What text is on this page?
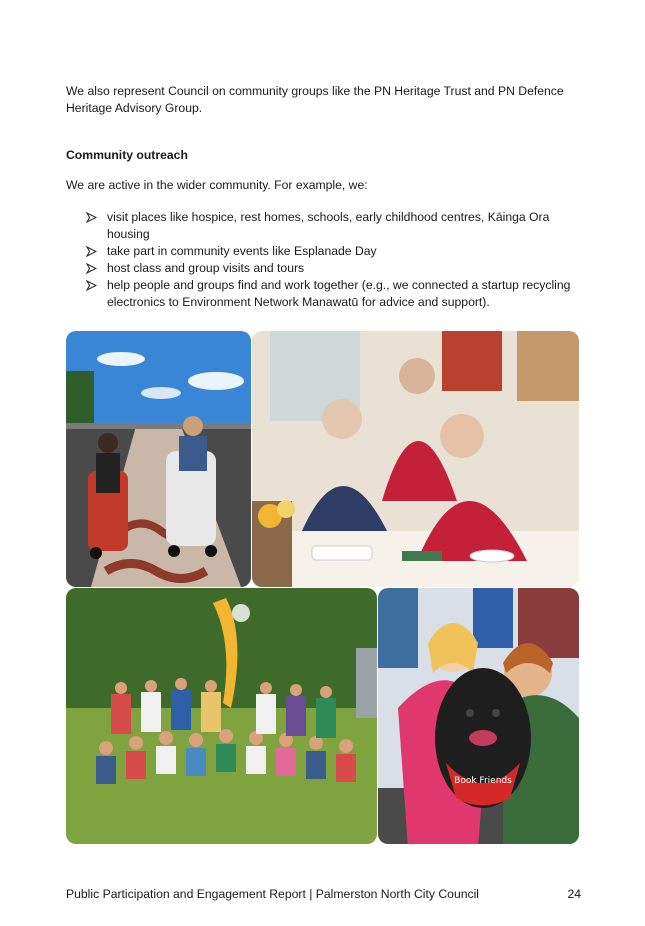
We also represent Council on community groups like the PN Heritage Trust and PN Defence Heritage Advisory Group.

Community outreach

We are active in the wider community. For example, we:

visit places like hospice, rest homes, schools, early childhood centres, Kāinga Ora housing
take part in community events like Esplanade Day
host class and group visits and tours
help people and groups find and work together (e.g., we connected a startup recycling electronics to Environment Network Manawatū for advice and support).
Book Friends
Public Participation and Engagement Report | Palmerston North City Council	24
